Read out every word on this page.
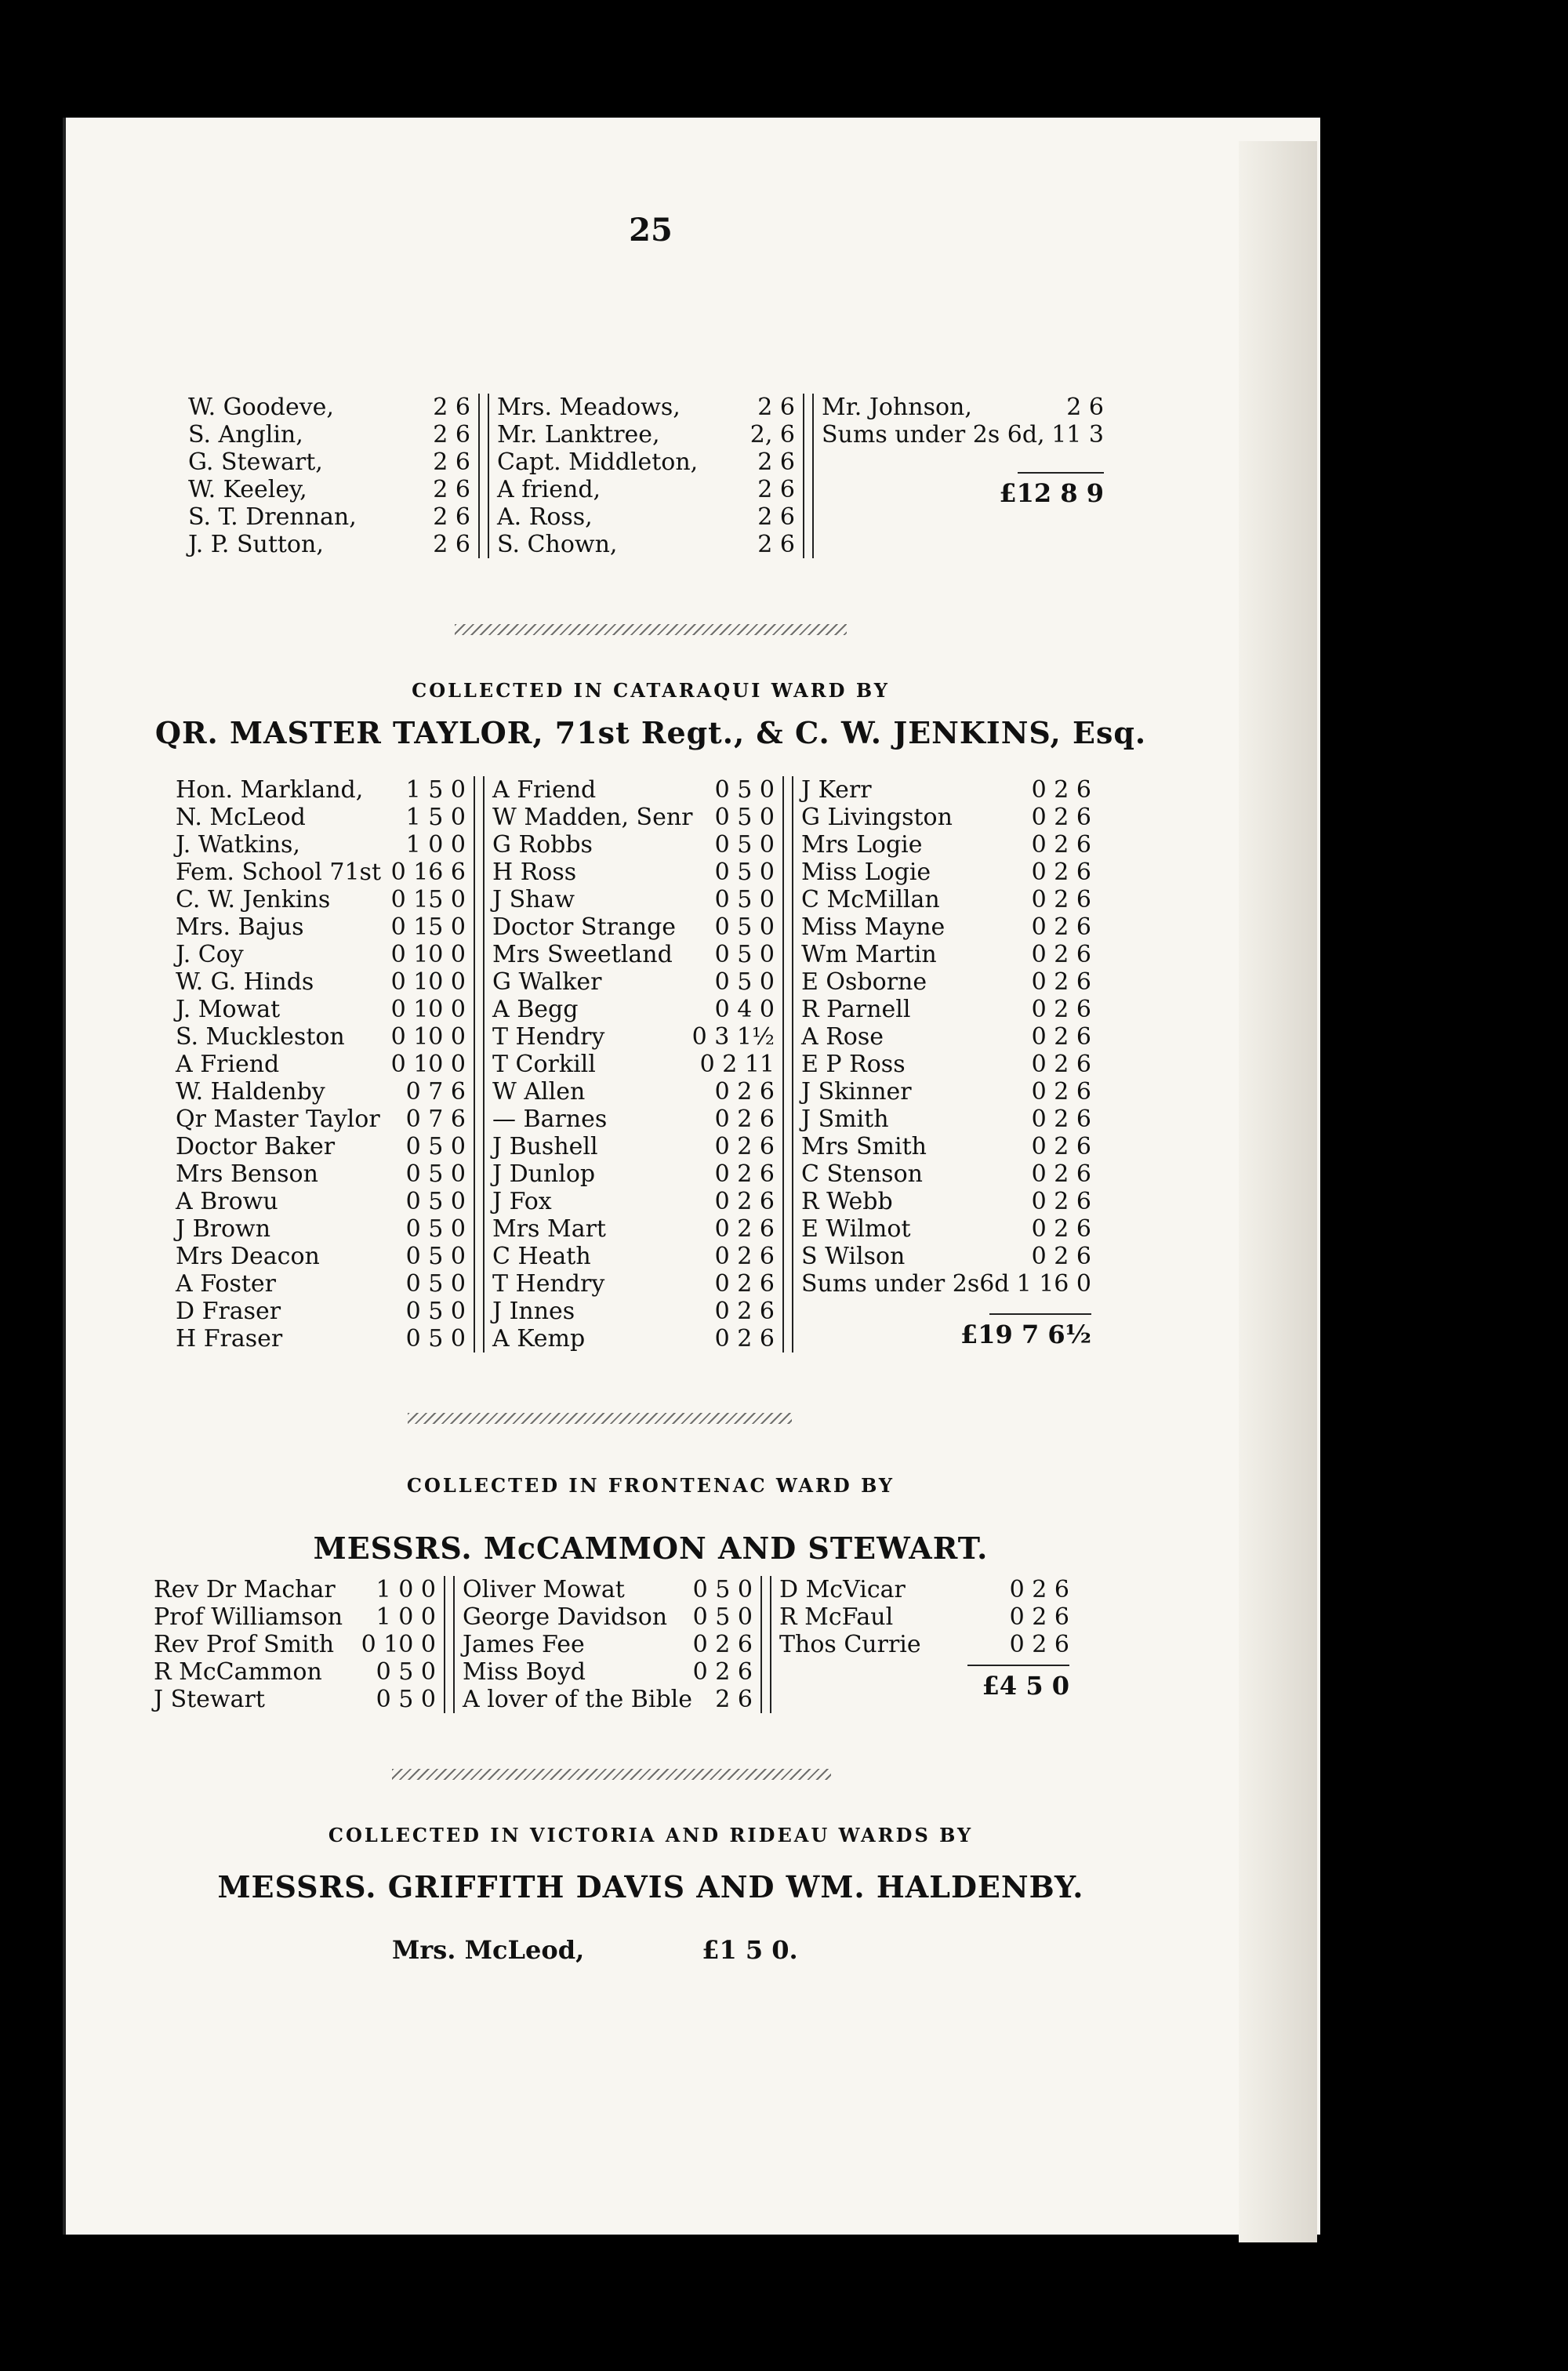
25
W. Goodeve,	2 6
S. Anglin,	2 6
G. Stewart,	2 6
W. Keeley,	2 6
S. T. Drennan,	2 6
J. P. Sutton,	2 6
Mrs. Meadows,	2 6
Mr. Lanktree,	2, 6
Capt. Middleton,	2 6
A friend,	2 6
A. Ross,	2 6
S. Chown,	2 6
Mr. Johnson,	2 6
Sums under 2s 6d, 11 3
£12 8 9
COLLECTED IN CATARAQUI WARD BY
QR. MASTER TAYLOR, 71st Regt., & C. W. JENKINS, Esq.
Hon. Markland,	1 5 0
N. McLeod	1 5 0
J. Watkins,	1 0 0
Fem. School 71st 0 16 6
C. W. Jenkins	0 15 0
Mrs. Bajus	0 15 0
J. Coy	0 10 0
W. G. Hinds	0 10 0
J. Mowat	0 10 0
S. Muckleston	0 10 0
A Friend	0 10 0
W. Haldenby	0 7 6
Qr Master Taylor	0 7 6
Doctor Baker	0 5 0
Mrs Benson	0 5 0
A Browu	0 5 0
J Brown	0 5 0
Mrs Deacon	0 5 0
A Foster	0 5 0
D Fraser	0 5 0
H Fraser	0 5 0
A Friend	0 5 0
W Madden, Senr 0 5 0
G Robbs	0 5 0
H Ross	0 5 0
J Shaw	0 5 0
Doctor Strange	0 5 0
Mrs Sweetland	0 5 0
G Walker	0 5 0
A Begg	0 4 0
T Hendry	0 3 1½
T Corkill	0 2 11
W Allen	0 2 6
— Barnes	0 2 6
J Bushell	0 2 6
J Dunlop	0 2 6
J Fox	0 2 6
Mrs Mart	0 2 6
C Heath	0 2 6
T Hendry	0 2 6
J Innes	0 2 6
A Kemp	0 2 6
J Kerr	0 2 6
G Livingston	0 2 6
Mrs Logie	0 2 6
Miss Logie	0 2 6
C McMillan	0 2 6
Miss Mayne	0 2 6
Wm Martin	0 2 6
E Osborne	0 2 6
R Parnell	0 2 6
A Rose	0 2 6
E P Ross	0 2 6
J Skinner	0 2 6
J Smith	0 2 6
Mrs Smith	0 2 6
C Stenson	0 2 6
R Webb	0 2 6
E Wilmot	0 2 6
S Wilson	0 2 6
Sums under 2s6d 1 16 0
£19 7 6½
COLLECTED IN FRONTENAC WARD BY
MESSRS. McCAMMON AND STEWART.
Rev Dr Machar	1 0 0
Prof Williamson	1 0 0
Rev Prof Smith	0 10 0
R McCammon	0 5 0
J Stewart	0 5 0
Oliver Mowat	0 5 0
George Davidson	0 5 0
James Fee	0 2 6
Miss Boyd	0 2 6
A lover of the Bible 2 6
D McVicar	0 2 6
R McFaul	0 2 6
Thos Currie	0 2 6
£4 5 0
COLLECTED IN VICTORIA AND RIDEAU WARDS BY
MESSRS. GRIFFITH DAVIS AND WM. HALDENBY.
Mrs. McLeod,	£1 5 0.
